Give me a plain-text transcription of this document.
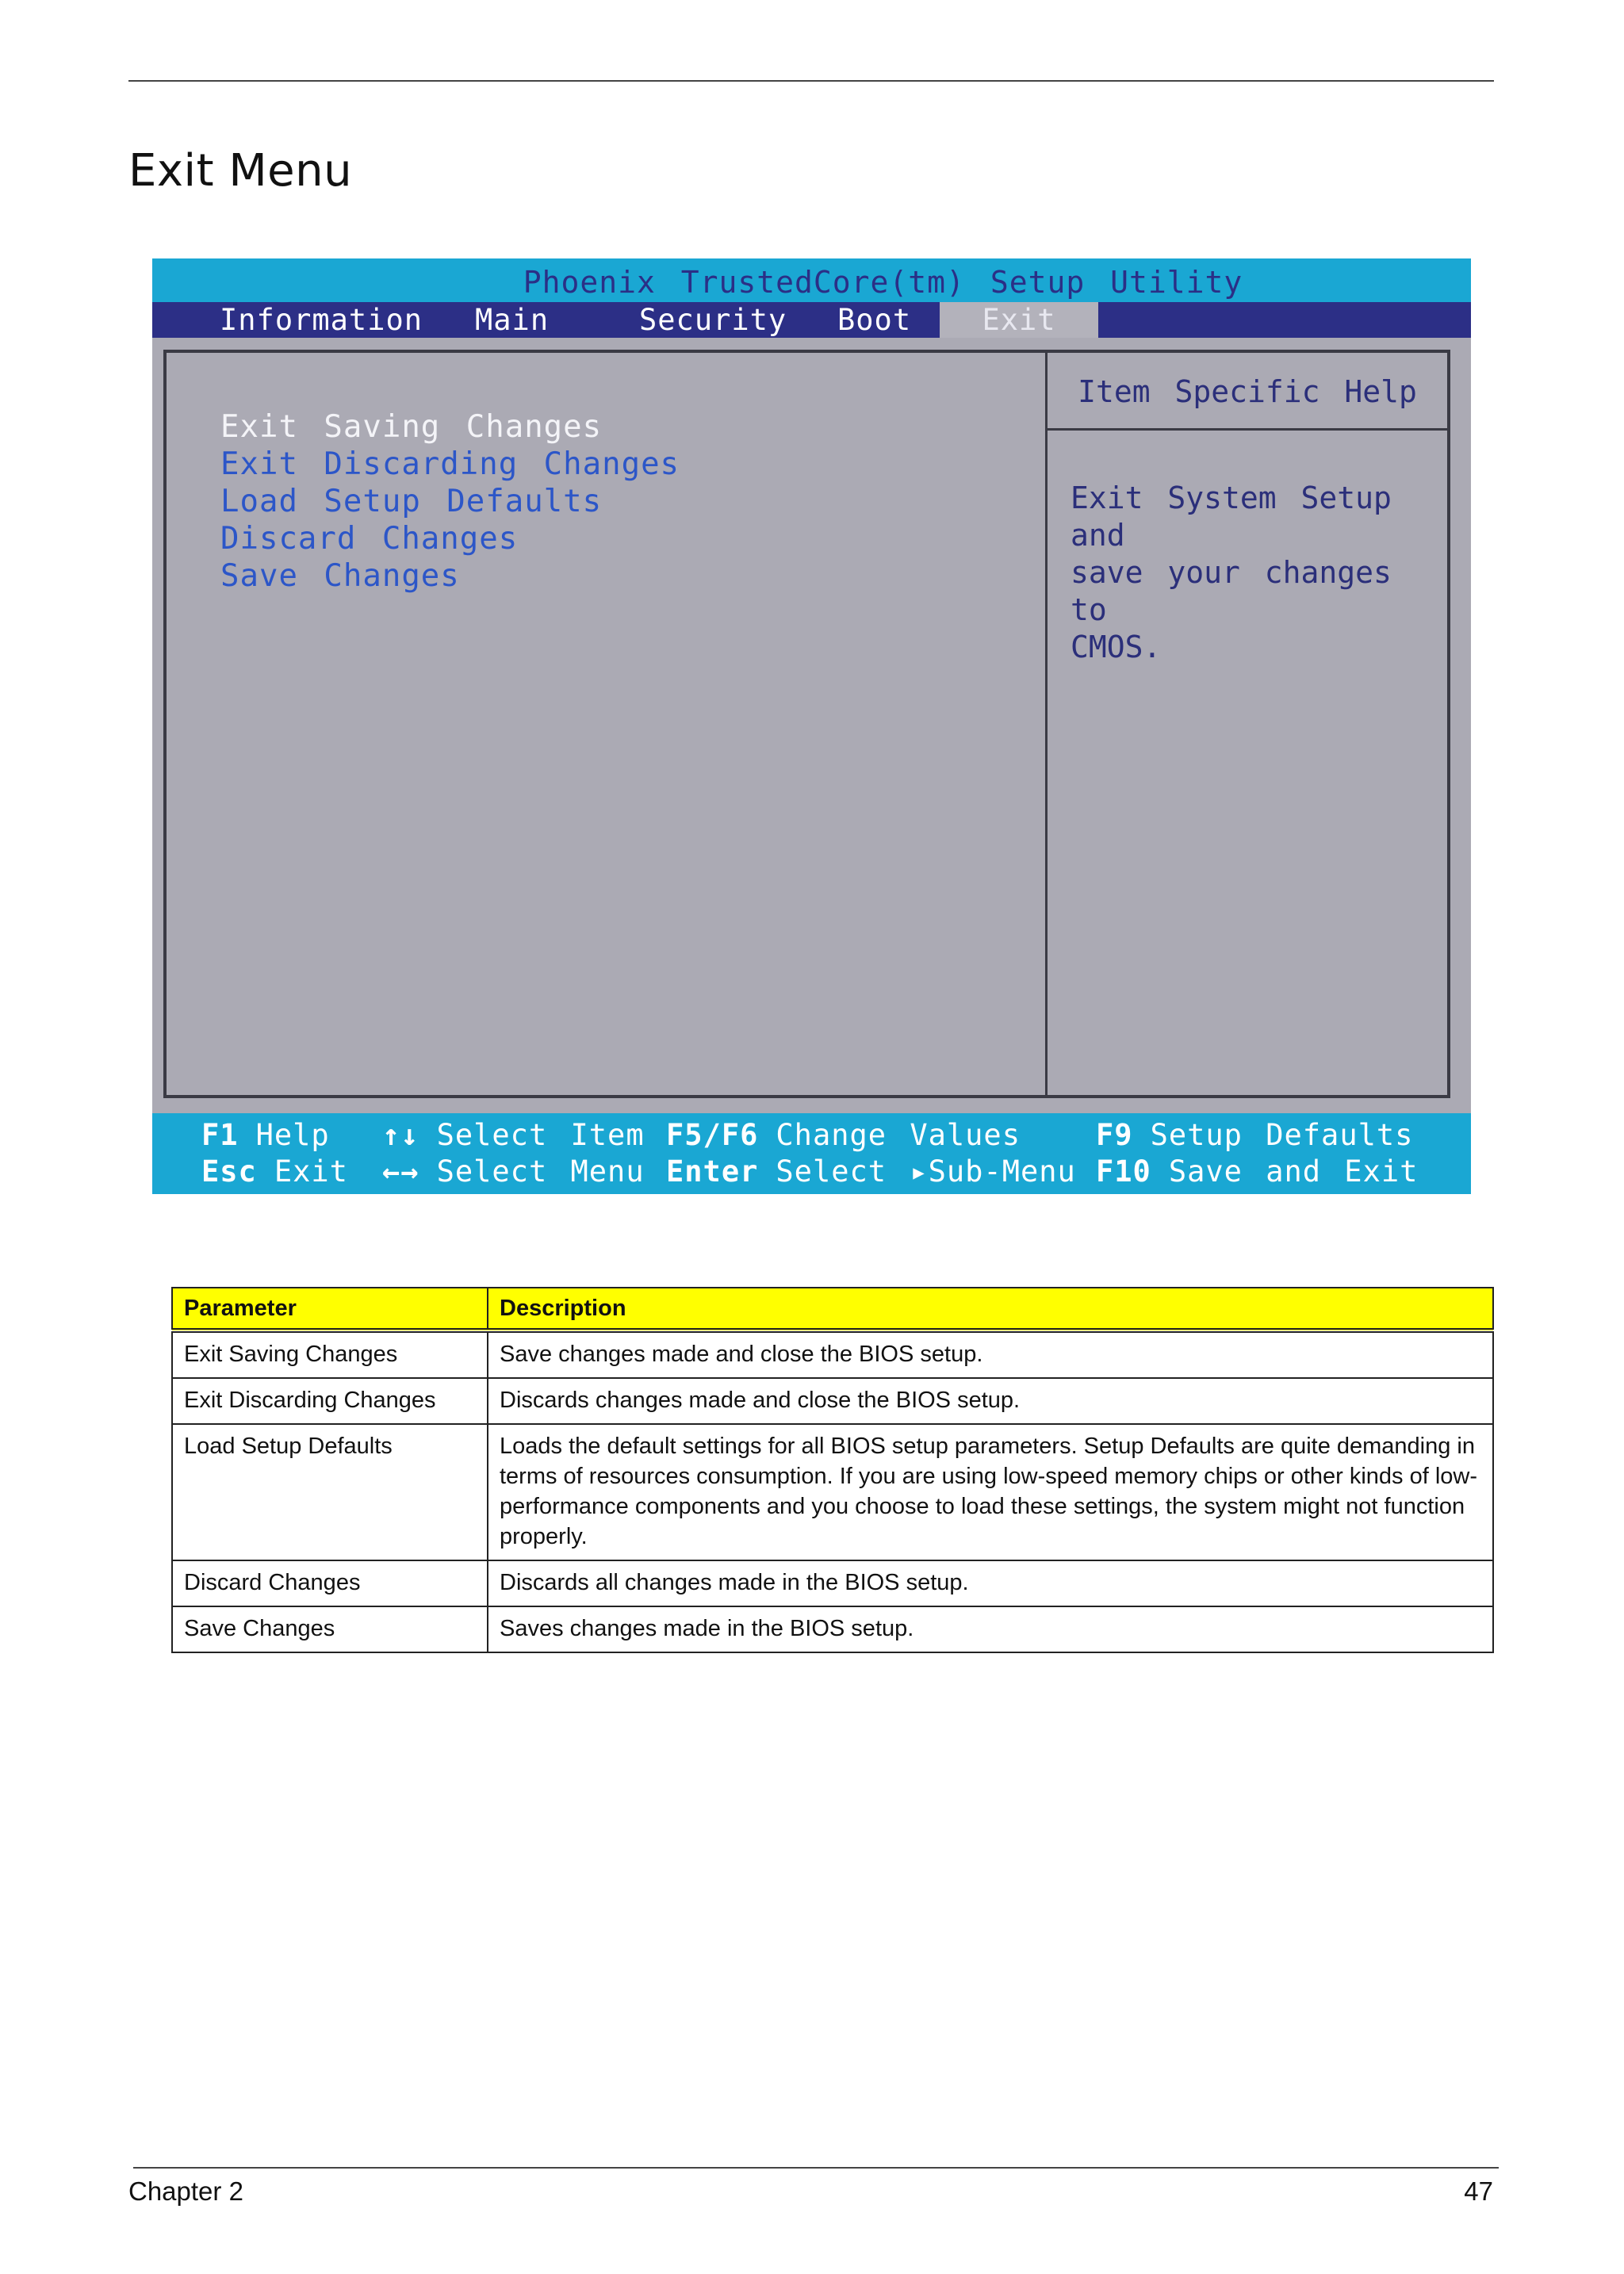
Exit Menu
Phoenix TrustedCore(tm) Setup Utility
Information Main	Security Boot	Exit
Exit Saving Changes
Exit Discarding Changes
Load Setup Defaults
Discard Changes
Save Changes
Item Specific Help
Exit System Setup and
save your changes to
CMOS.
F1 Help
Esc Exit
↑↓ Select Item
←→ Select Menu
F5/F6 Change Values
Enter Select ▸Sub-Menu
F9 Setup Defaults
F10 Save and Exit
Parameter	Description
Exit Saving Changes	Save changes made and close the BIOS setup.
Exit Discarding Changes	Discards changes made and close the BIOS setup.
Load Setup Defaults	Loads the default settings for all BIOS setup parameters. Setup Defaults are quite demanding in terms of resources consumption. If you are using low-speed memory chips or other kinds of low-performance components and you choose to load these settings, the system might not function properly.
Discard Changes	Discards all changes made in the BIOS setup.
Save Changes	Saves changes made in the BIOS setup.
Chapter 2	47
